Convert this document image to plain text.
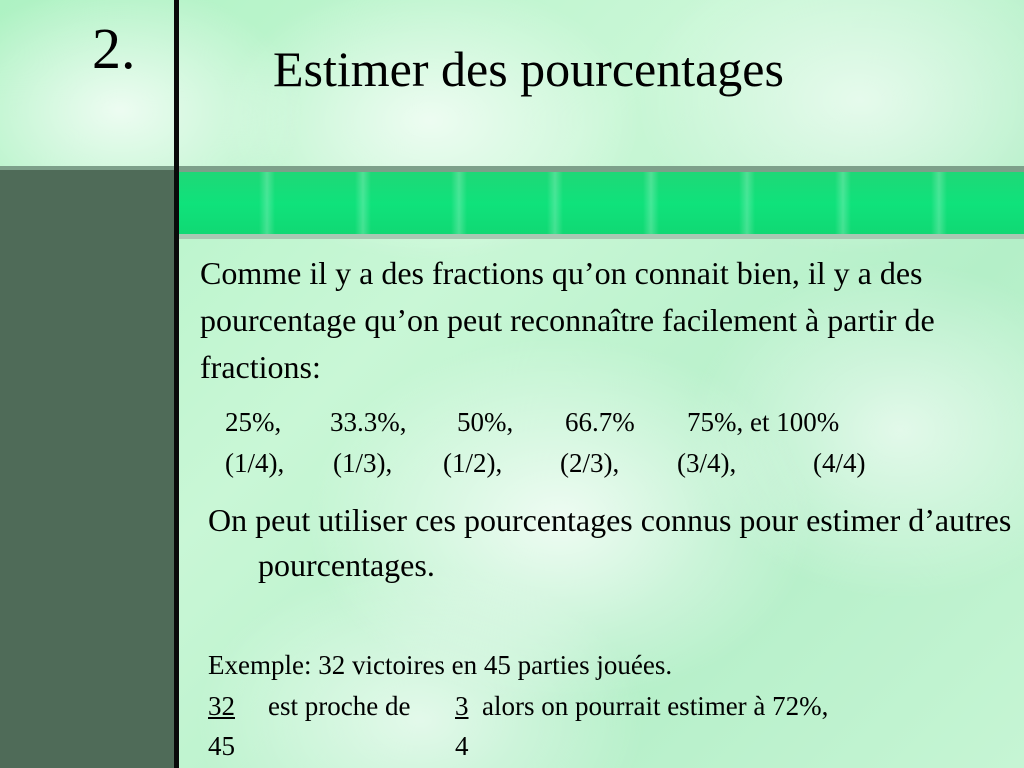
2.	Estimer des pourcentages
Comme il y a des fractions qu’on connait bien, il y a des pourcentage qu’on peut reconnaître facilement à partir de fractions:
25%, 33.3%, 50%, 66.7% 75%, et 100%
(1/4), (1/3), (1/2), (2/3), (3/4),	(4/4)
On peut utiliser ces pourcentages connus pour estimer d’autres pourcentages.
Exemple: 32 victoires en 45 parties jouées.
32 est proche de 3 alors on pourrait estimer à 72%,
45	4
